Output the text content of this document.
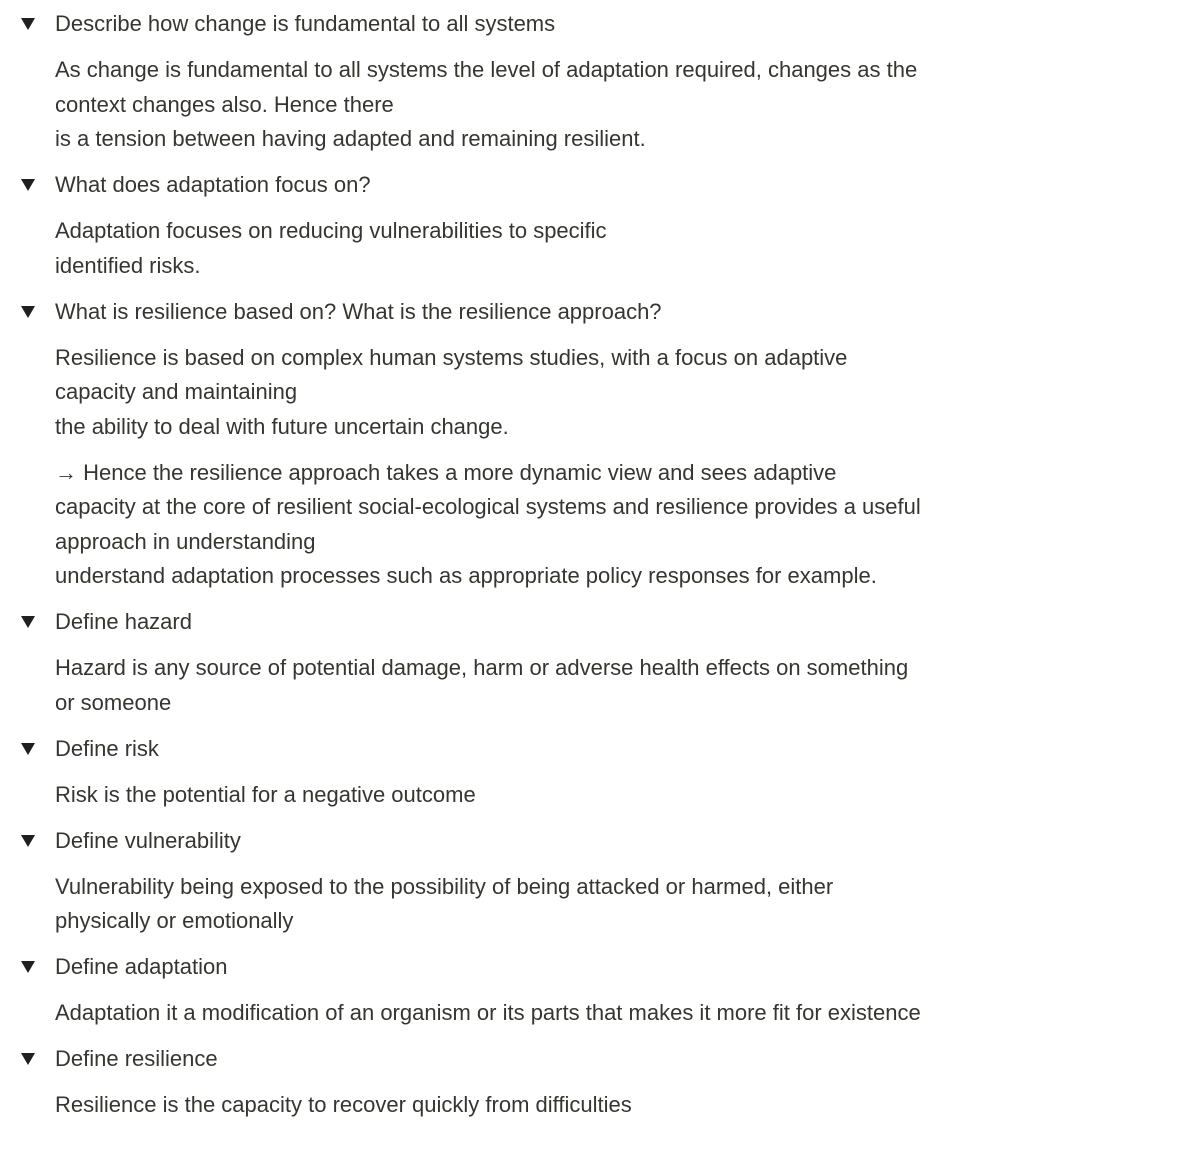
Describe how change is fundamental to all systems

As change is fundamental to all systems the level of adaptation required, changes as the
context changes also. Hence there
is a tension between having adapted and remaining resilient.

What does adaptation focus on?

Adaptation focuses on reducing vulnerabilities to specific
identified risks.

What is resilience based on? What is the resilience approach?

Resilience is based on complex human systems studies, with a focus on adaptive
capacity and maintaining
the ability to deal with future uncertain change.

→ Hence the resilience approach takes a more dynamic view and sees adaptive
capacity at the core of resilient social-ecological systems and resilience provides a useful
approach in understanding
understand adaptation processes such as appropriate policy responses for example.

Define hazard

Hazard is any source of potential damage, harm or adverse health effects on something
or someone

Define risk

Risk is the potential for a negative outcome

Define vulnerability

Vulnerability being exposed to the possibility of being attacked or harmed, either
physically or emotionally

Define adaptation

Adaptation it a modification of an organism or its parts that makes it more fit for existence

Define resilience

Resilience is the capacity to recover quickly from difficulties
